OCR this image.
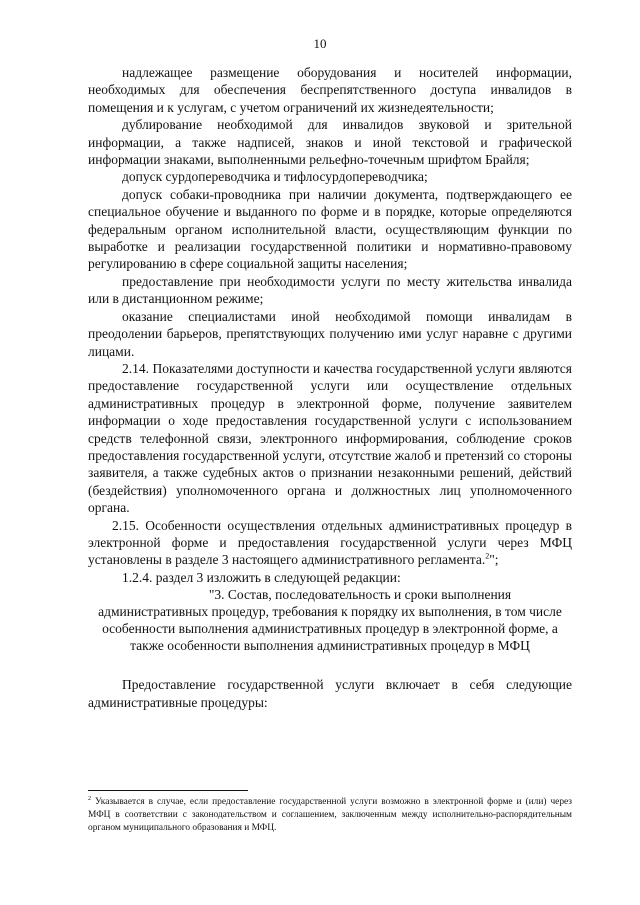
10

надлежащее размещение оборудования и носителей информации, необходимых для обеспечения беспрепятственного доступа инвалидов в помещения и к услугам, с учетом ограничений их жизнедеятельности;

дублирование необходимой для инвалидов звуковой и зрительной информации, а также надписей, знаков и иной текстовой и графической информации знаками, выполненными рельефно-точечным шрифтом Брайля;

допуск сурдопереводчика и тифлосурдопереводчика;

допуск собаки-проводника при наличии документа, подтверждающего ее специальное обучение и выданного по форме и в порядке, которые определяются федеральным органом исполнительной власти, осуществляющим функции по выработке и реализации государственной политики и нормативно-правовому регулированию в сфере социальной защиты населения;

предоставление при необходимости услуги по месту жительства инвалида или в дистанционном режиме;

оказание специалистами иной необходимой помощи инвалидам в преодолении барьеров, препятствующих получению ими услуг наравне с другими лицами.

2.14. Показателями доступности и качества государственной услуги являются предоставление государственной услуги или осуществление отдельных административных процедур в электронной форме, получение заявителем информации о ходе предоставления государственной услуги с использованием средств телефонной связи, электронного информирования, соблюдение сроков предоставления государственной услуги, отсутствие жалоб и претензий со стороны заявителя, а также судебных актов о признании незаконными решений, действий (бездействия) уполномоченного органа и должностных лиц уполномоченного органа.

2.15. Особенности осуществления отдельных административных процедур в электронной форме и предоставления государственной услуги через МФЦ установлены в разделе 3 настоящего административного регламента.$^2$";

1.2.4. раздел 3 изложить в следующей редакции:

"3. Состав, последовательность и сроки выполнения
административных процедур, требования к порядку их выполнения, в том числе особенности выполнения административных процедур в электронной форме, а также особенности выполнения административных процедур в МФЦ

Предоставление государственной услуги включает в себя следующие административные процедуры:

$^2$ Указывается в случае, если предоставление государственной услуги возможно в электронной форме и (или) через МФЦ в соответствии с законодательством и соглашением, заключенным между исполнительно-распорядительным органом муниципального образования и МФЦ.
